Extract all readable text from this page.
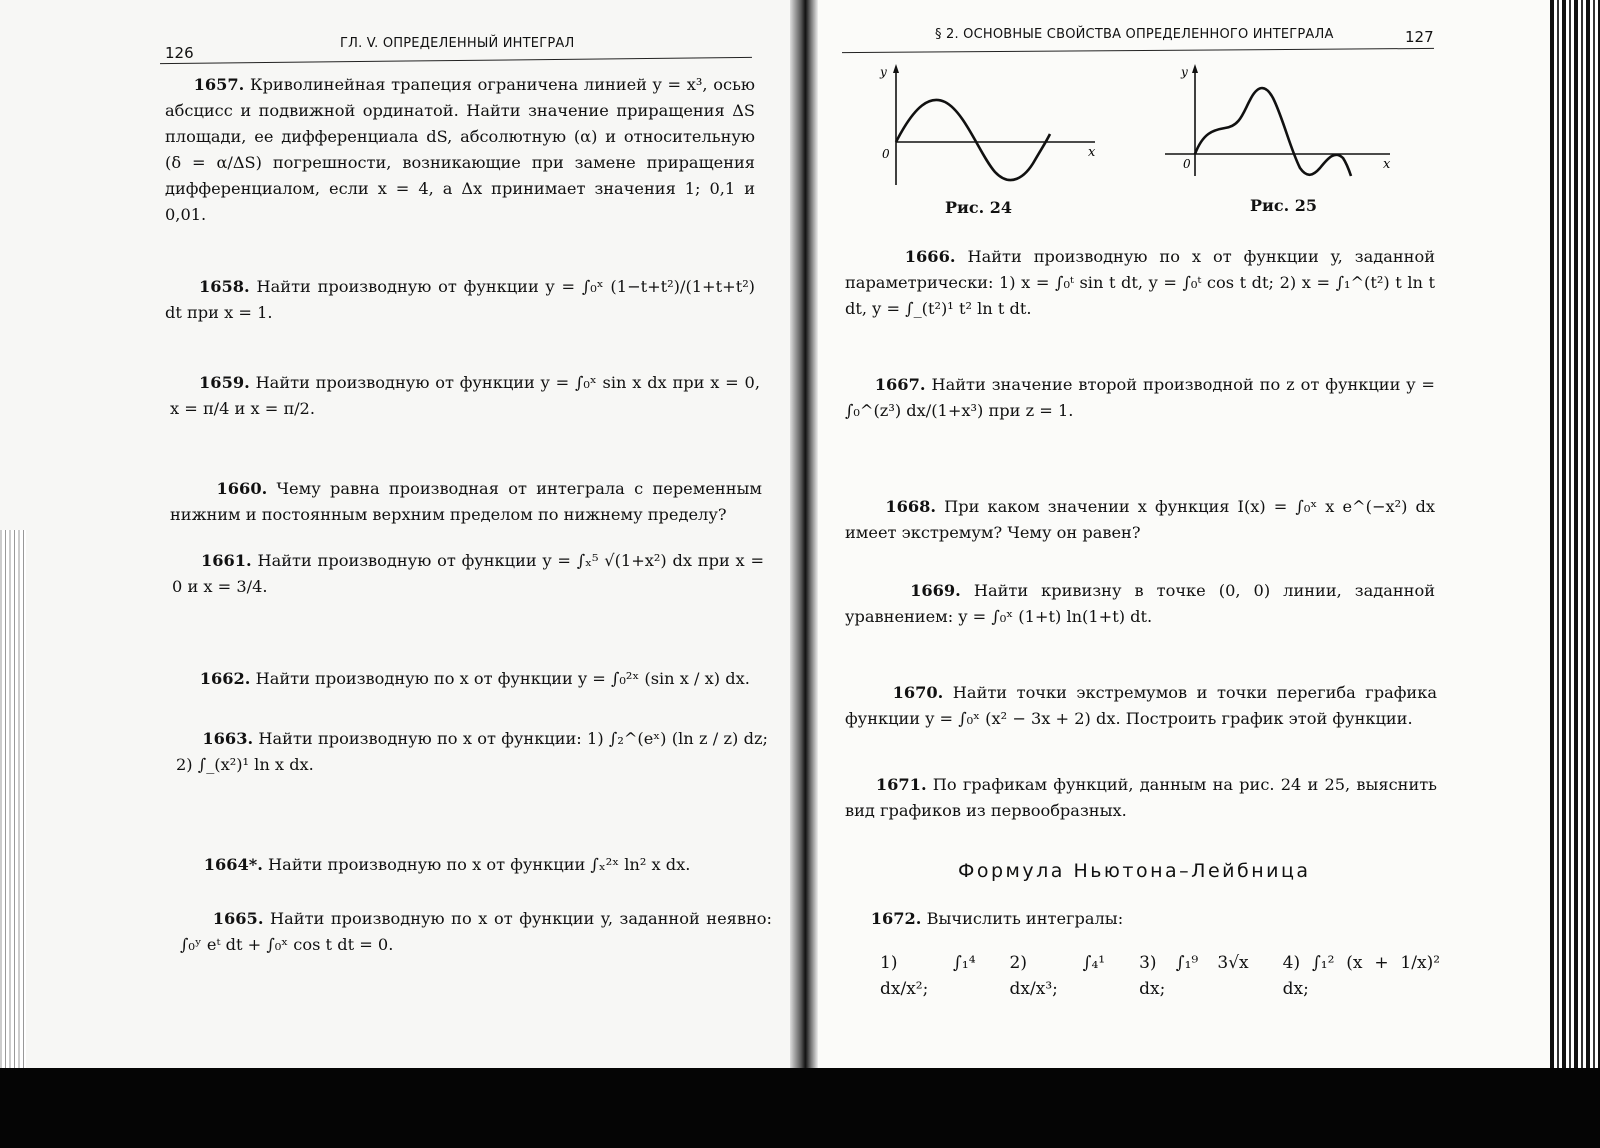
126
ГЛ. V. ОПРЕДЕЛЕННЫЙ ИНТЕГРАЛ
1657. Криволинейная трапеция ограничена линией y = x³, осью абсцисс и подвижной ординатой. Найти значение приращения ΔS площади, ее дифференциала dS, абсолютную (α) и относительную (δ = α/ΔS) погрешности, возникающие при замене приращения дифференциалом, если x = 4, а Δx принимает значения 1; 0,1 и 0,01.
1658. Найти производную от функции y = ∫₀ˣ (1−t+t²)/(1+t+t²) dt при x = 1.
1659. Найти производную от функции y = ∫₀ˣ sin x dx при x = 0, x = π/4 и x = π/2.
1660. Чему равна производная от интеграла с переменным нижним и постоянным верхним пределом по нижнему пределу?
1661. Найти производную от функции y = ∫ₓ⁵ √(1+x²) dx при x = 0 и x = 3/4.
1662. Найти производную по x от функции y = ∫₀²ˣ (sin x / x) dx.
1663. Найти производную по x от функции: 1) ∫₂^(eˣ) (ln z / z) dz; 2) ∫_(x²)¹ ln x dx.
1664*. Найти производную по x от функции ∫ₓ²ˣ ln² x dx.
1665. Найти производную по x от функции y, заданной неявно: ∫₀ʸ eᵗ dt + ∫₀ˣ cos t dt = 0.
§ 2. ОСНОВНЫЕ СВОЙСТВА ОПРЕДЕЛЕННОГО ИНТЕГРАЛА	127
y
0	x
Рис. 24
y
0	x
Рис. 25
1666. Найти производную по x от функции y, заданной параметрически: 1) x = ∫₀ᵗ sin t dt, y = ∫₀ᵗ cos t dt; 2) x = ∫₁^(t²) t ln t dt, y = ∫_(t²)¹ t² ln t dt.
1667. Найти значение второй производной по z от функции y = ∫₀^(z³) dx/(1+x³) при z = 1.
1668. При каком значении x функция I(x) = ∫₀ˣ x e^(−x²) dx имеет экстремум? Чему он равен?
1669. Найти кривизну в точке (0, 0) линии, заданной уравнением: y = ∫₀ˣ (1+t) ln(1+t) dt.
1670. Найти точки экстремумов и точки перегиба графика функции y = ∫₀ˣ (x² − 3x + 2) dx. Построить график этой функции.
1671. По графикам функций, данным на рис. 24 и 25, выяснить вид графиков из первообразных.
Формула Ньютона–Лейбница
1672. Вычислить интегралы:
1) ∫₁⁴ dx/x²;
2) ∫₄¹ dx/x³;
3) ∫₁⁹ 3√x dx;
4) ∫₁² (x + 1/x)² dx;
